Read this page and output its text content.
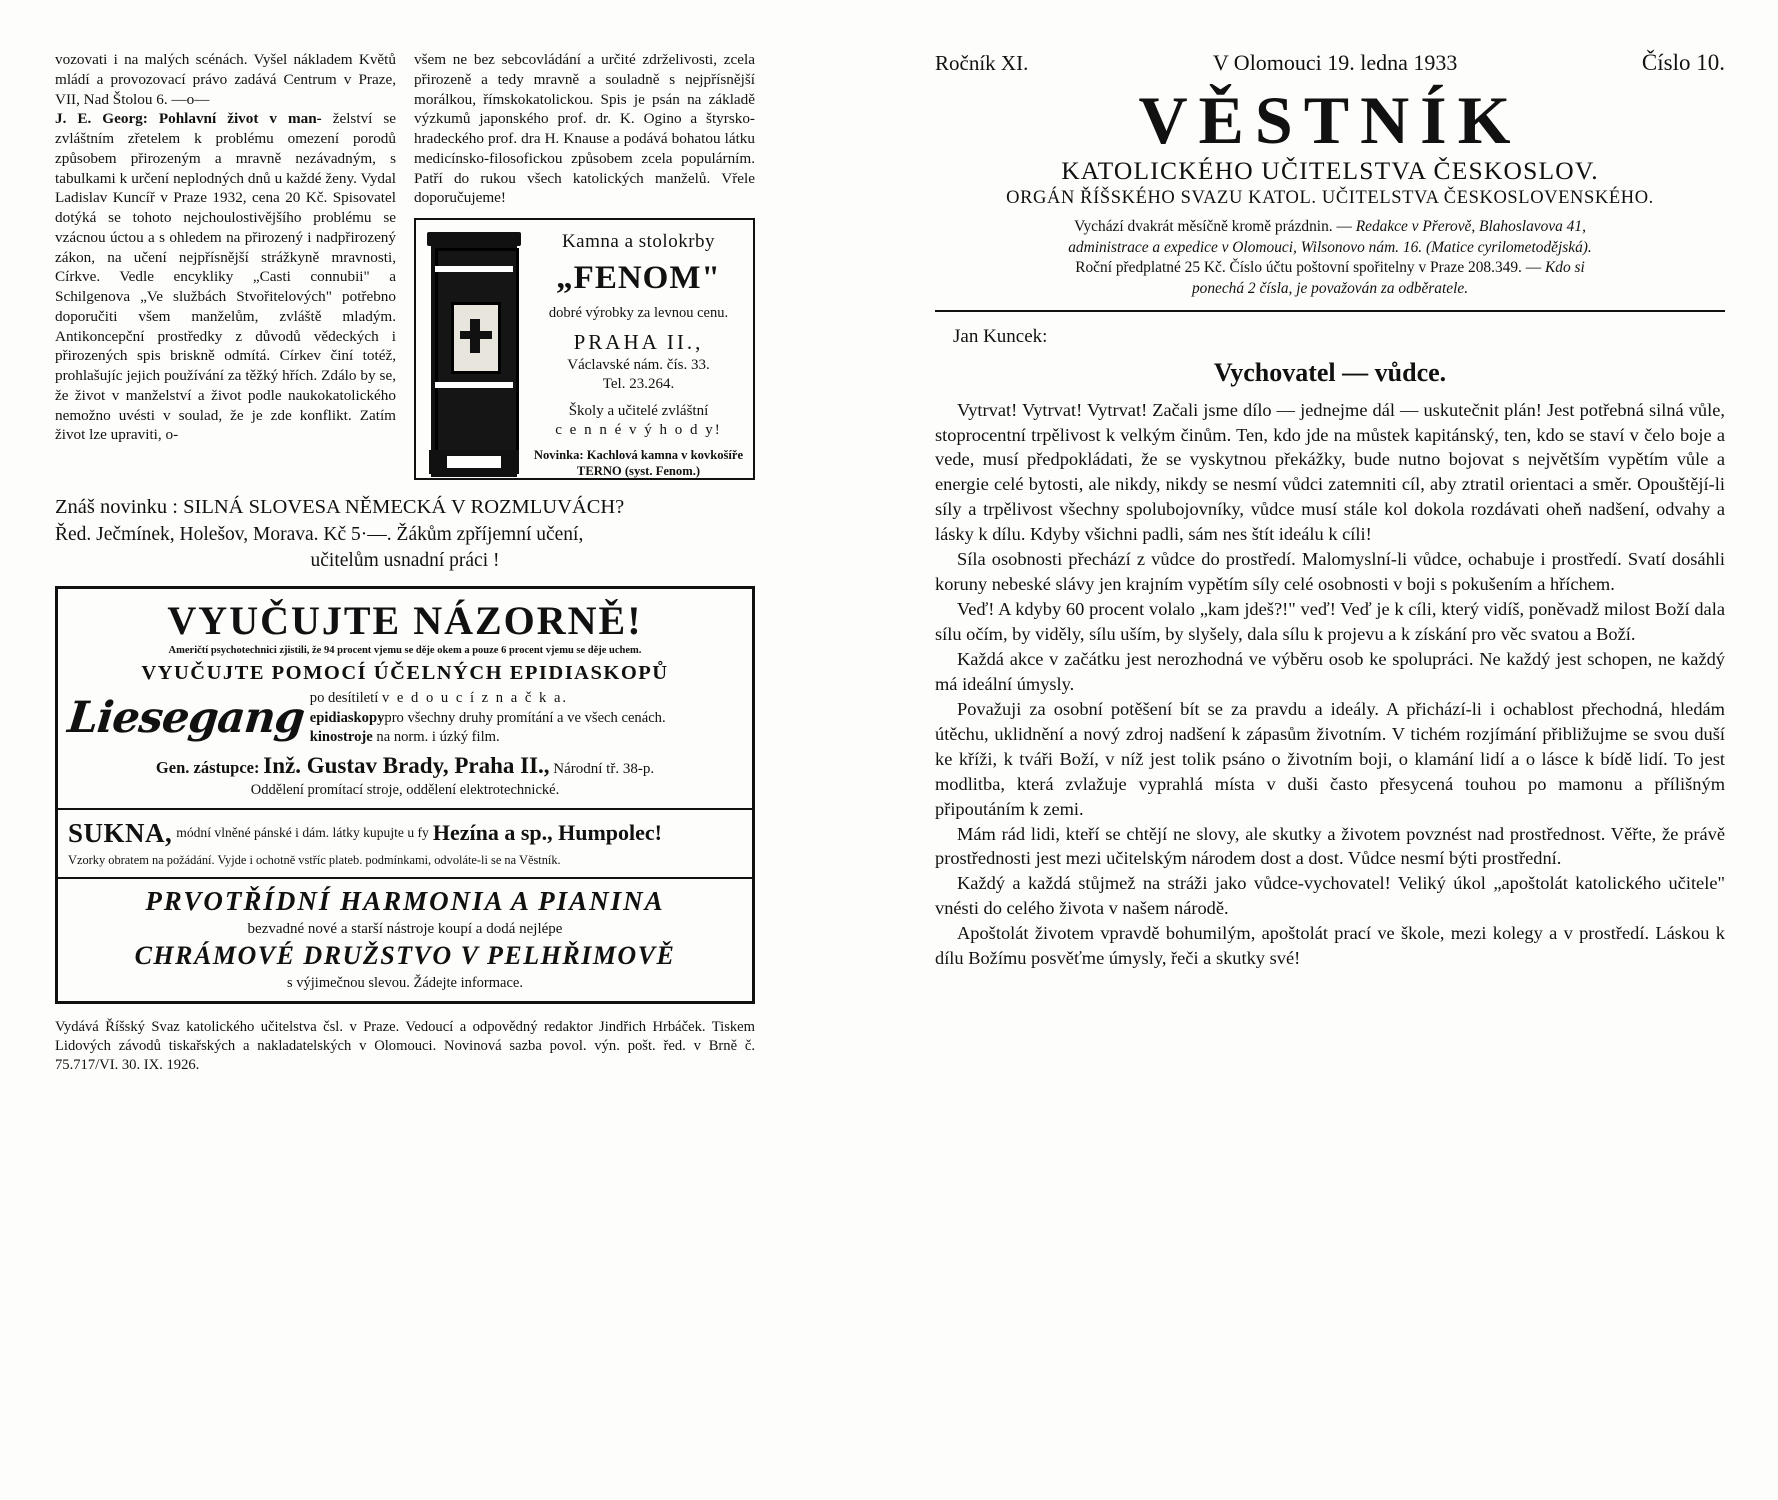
vozovati i na malých scénách. Vyšel nákladem Květů mládí a provozovací právo zadává Centrum v Praze, VII, Nad Štolou 6. —o—

J. E. Georg: Pohlavní život v man- želství se zvláštním zřetelem k problému omezení porodů způsobem přirozeným a mravně nezávadným, s tabulkami k určení neplodných dnů u každé ženy. Vydal Ladislav Kuncíř v Praze 1932, cena 20 Kč. Spisovatel dotýká se tohoto nejchoulostivějšího problému se vzácnou úctou a s ohledem na přirozený i nadpřirozený zákon, na učení nejpřísnější strážkyně mravnosti, Církve. Vedle encykliky „Casti connubii" a Schilgenova „Ve službách Stvořitelových" potřebno doporučiti všem manželům, zvláště mladým. Antikoncepční prostředky z důvodů vědeckých i přirozených spis briskně odmítá. Církev činí totéž, prohlašujíc jejich používání za těžký hřích. Zdálo by se, že život v manželství a život podle naukokatolického nemožno uvésti v soulad, že je zde konflikt. Zatím život lze upraviti, o-

všem ne bez sebcovládání a určité zdrželivosti, zcela přirozeně a tedy mravně a souladně s nejpřísnější morálkou, římskokatolickou. Spis je psán na základě výzkumů japonského prof. dr. K. Ogino a štyrsko-hradeckého prof. dra H. Knause a podává bohatou látku medicínsko-filosofickou způsobem zcela populárním. Patří do rukou všech katolických manželů. Vřele doporučujeme!

Kamna a stolokrby
„FENOM"
dobré výrobky za levnou cenu.
PRAHA II.,
Václavské nám. čís. 33.
Tel. 23.264.
Školy a učitelé zvláštní
c e n n é v ý h o d y!
Novinka: Kachlová kamna v kovkošíře TERNO (syst. Fenom.)
Znáš novinku : SILNÁ SLOVESA NĚMECKÁ V ROZMLUVÁCH?
Řed. Ječmínek, Holešov, Morava. Kč 5·—. Žákům zpříjemní učení,
učitelům usnadní práci !
VYUČUJTE NÁZORNĚ!
Američtí psychotechnici zjistili, že 94 procent vjemu se děje okem a pouze 6 procent vjemu se děje uchem.
VYUČUJTE POMOCÍ ÚČELNÝCH EPIDIASKOPŮ
Liesegang po desítiletí v e d o u c í z n a č k a.
epidiaskopypro všechny druhy promítání a ve všech cenách.
kinostroje na norm. i úzký film.
Gen. zástupce: Inž. Gustav Brady, Praha II., Národní tř. 38-p.
Oddělení promítací stroje, oddělení elektrotechnické.
SUKNA, módní vlněné pánské i dám. látky kupujte u fy Hezína a sp., Humpolec!
Vzorky obratem na požádání. Vyjde i ochotně vstříc plateb. podmínkami, odvoláte-li se na Věstník.
PRVOTŘÍDNÍ HARMONIA A PIANINA
bezvadné nové a starší nástroje koupí a dodá nejlépe
CHRÁMOVÉ DRUŽSTVO V PELHŘIMOVĚ
s výjimečnou slevou. Žádejte informace.
Vydává Říšský Svaz katolického učitelstva čsl. v Praze. Vedoucí a odpovědný redaktor Jindřich Hrbáček. Tiskem Lidových závodů tiskařských a nakladatelských v Olomouci. Novinová sazba povol. výn. pošt. řed. v Brně č. 75.717/VI. 30. IX. 1926.
Ročník XI.	V Olomouci 19. ledna 1933	Číslo 10.
VĚSTNÍK
KATOLICKÉHO UČITELSTVA ČESKOSLOV.
ORGÁN ŘÍŠSKÉHO SVAZU KATOL. UČITELSTVA ČESKOSLOVENSKÉHO.
Vychází dvakrát měsíčně kromě prázdnin. — Redakce v Přerově, Blahoslavova 41,
administrace a expedice v Olomouci, Wilsonovo nám. 16. (Matice cyrilometodějská).
Roční předplatné 25 Kč. Číslo účtu poštovní spořitelny v Praze 208.349. — Kdo si
ponechá 2 čísla, je považován za odběratele.
Jan Kuncek:
Vychovatel — vůdce.

Vytrvat! Vytrvat! Vytrvat! Začali jsme dílo — jednejme dál — uskutečnit plán! Jest potřebná silná vůle, stoprocentní trpělivost k velkým činům. Ten, kdo jde na můstek kapitánský, ten, kdo se staví v čelo boje a vede, musí předpokládati, že se vyskytnou překážky, bude nutno bojovat s největším vypětím vůle a energie celé bytosti, ale nikdy, nikdy se nesmí vůdci zatemniti cíl, aby ztratil orientaci a směr. Opouštějí-li síly a trpělivost všechny spolubojovníky, vůdce musí stále kol dokola rozdávati oheň nadšení, odvahy a lásky k dílu. Kdyby všichni padli, sám nes štít ideálu k cíli!

Síla osobnosti přechází z vůdce do prostředí. Malomyslní-li vůdce, ochabuje i prostředí. Svatí dosáhli koruny nebeské slávy jen krajním vypětím síly celé osobnosti v boji s pokušením a hříchem.

Veď! A kdyby 60 procent volalo „kam jdeš?!" veď! Veď je k cíli, který vidíš, poněvadž milost Boží dala sílu očím, by viděly, sílu uším, by slyšely, dala sílu k projevu a k získání pro věc svatou a Boží.

Každá akce v začátku jest nerozhodná ve výběru osob ke spolupráci. Ne každý jest schopen, ne každý má ideální úmysly.

Považuji za osobní potěšení bít se za pravdu a ideály. A přichází-li i ochablost přechodná, hledám útěchu, uklidnění a nový zdroj nadšení k zápasům životním. V tichém rozjímání přibližujme se svou duší ke kříži, k tváři Boží, v níž jest tolik psáno o životním boji, o klamání lidí a o lásce k bídě lidí. To jest modlitba, která zvlažuje vyprahlá místa v duši často přesycená touhou po mamonu a přílišným připoutáním k zemi.

Mám rád lidi, kteří se chtějí ne slovy, ale skutky a životem povznést nad prostřednost. Věřte, že právě prostřednosti jest mezi učitelským národem dost a dost. Vůdce nesmí býti prostřední.

Každý a každá stůjmež na stráži jako vůdce-vychovatel! Veliký úkol „apoštolát katolického učitele" vnésti do celého života v našem národě.

Apoštolát životem vpravdě bohumilým, apoštolát prací ve škole, mezi kolegy a v prostředí. Láskou k dílu Božímu posvěťme úmysly, řeči a skutky své!
